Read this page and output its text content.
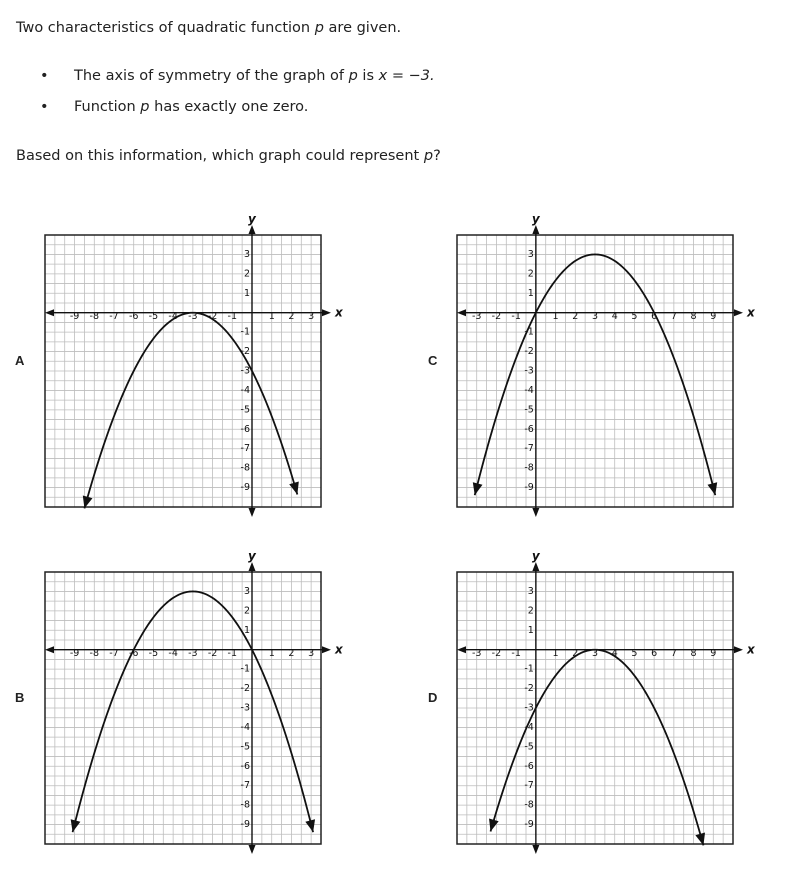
Two characteristics of quadratic function p are given.
• The axis of symmetry of the graph of p is x = −3.
• Function p has exactly one zero.
Based on this information, which graph could represent p?
A
x
y
-9 -8 -7 -6 -5 -4 -3 -2 -1	1 2 3
3
2
1
-1
-2
-3
-4
-5
-6
-7
-8
-9
C
x
y
-3 -2 -1	1 2 3 4 5 6 7 8 9
3
2
1
-1
-2
-3
-4
-5
-6
-7
-8
-9
B
x
y
-9 -8 -7 -6 -5 -4 -3 -2 -1	1 2 3
3
2
1
-1
-2
-3
-4
-5
-6
-7
-8
-9
D
x
y
-3 -2 -1	1 2 3 4 5 6 7 8 9
3
2
1
-1
-2
-3
-4
-5
-6
-7
-8
-9
